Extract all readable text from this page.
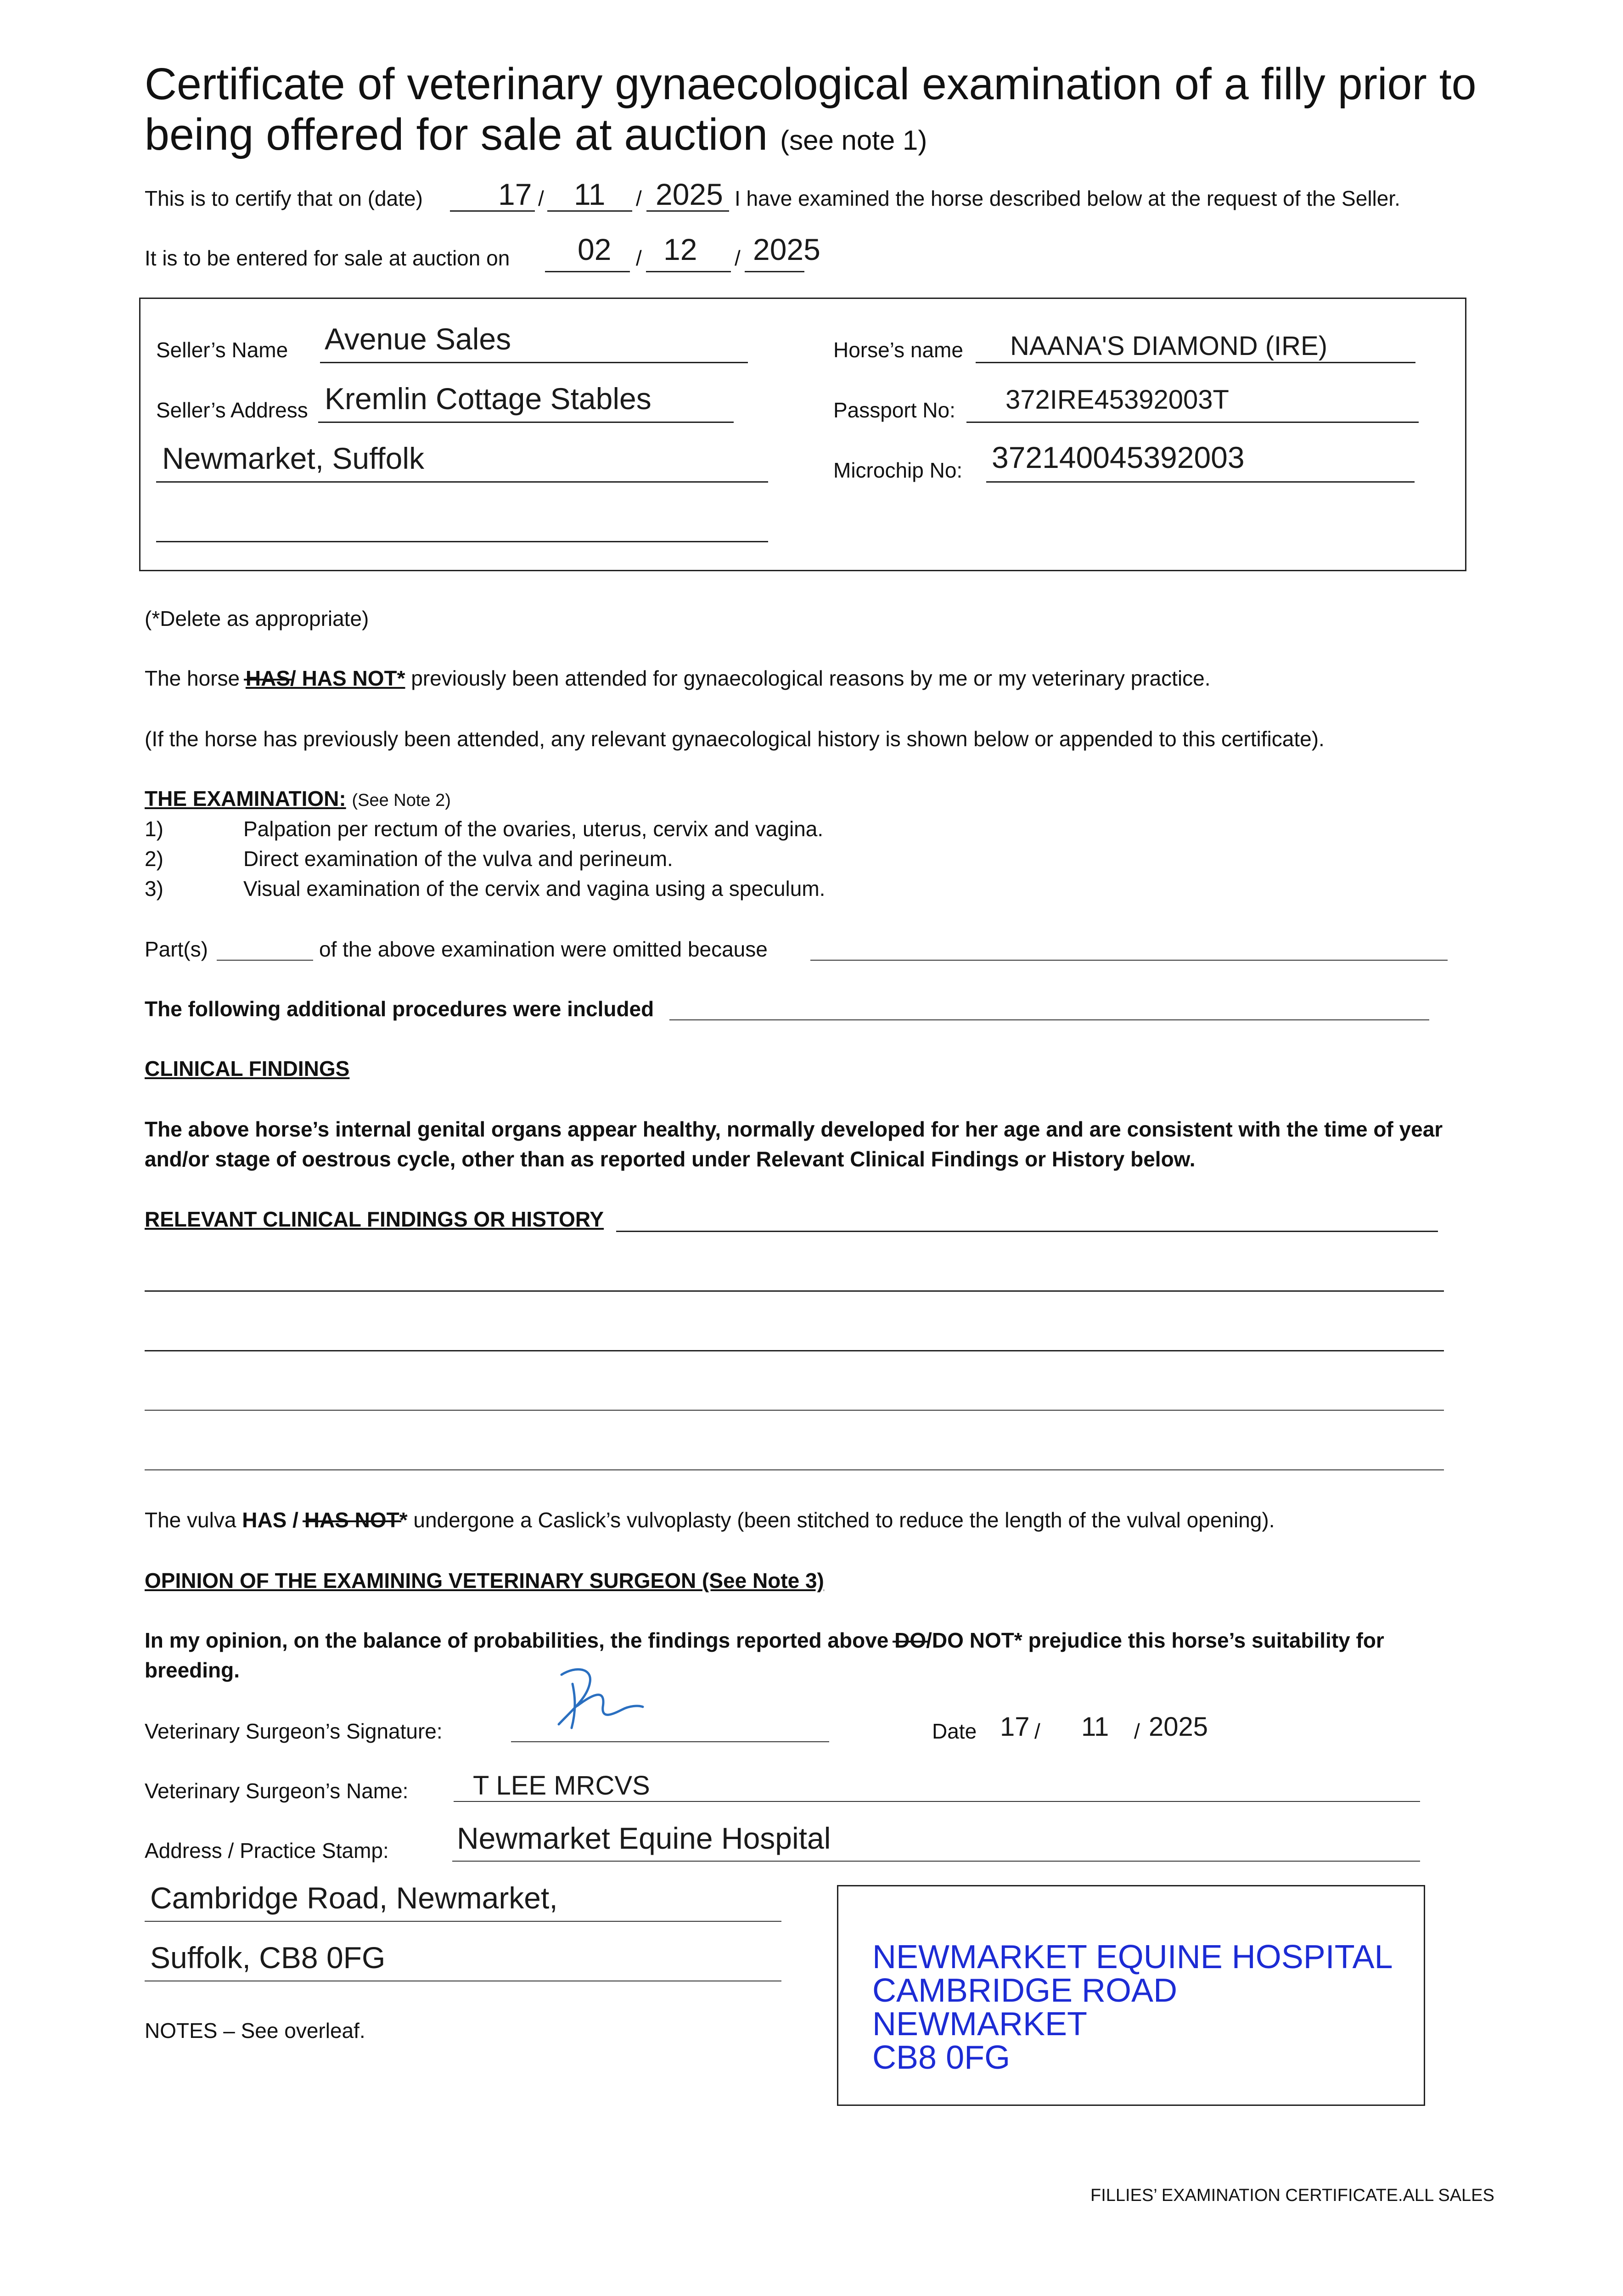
Certificate of veterinary gynaecological examination of a filly prior to
being offered for sale at auction (see note 1)
This is to certify that on (date) 17 / 11 / 2025 I have examined the horse described below at the request of the Seller.
It is to be entered for sale at auction on 02 / 12 / 2025
Seller’s Name Avenue Sales
Seller’s Address Kremlin Cottage Stables
Newmarket, Suffolk
Horse’s name NAANA'S DIAMOND (IRE)
Passport No: 372IRE45392003T
Microchip No: 372140045392003
(*Delete as appropriate)
The horse HAS/ HAS NOT* previously been attended for gynaecological reasons by me or my veterinary practice.
(If the horse has previously been attended, any relevant gynaecological history is shown below or appended to this certificate).
THE EXAMINATION: (See Note 2)
1)	Palpation per rectum of the ovaries, uterus, cervix and vagina.
2)	Direct examination of the vulva and perineum.
3)	Visual examination of the cervix and vagina using a speculum.
Part(s)	of the above examination were omitted because
The following additional procedures were included
CLINICAL FINDINGS
The above horse’s internal genital organs appear healthy, normally developed for her age and are consistent with the time of year
and/or stage of oestrous cycle, other than as reported under Relevant Clinical Findings or History below.
RELEVANT CLINICAL FINDINGS OR HISTORY
The vulva HAS / HAS NOT* undergone a Caslick’s vulvoplasty (been stitched to reduce the length of the vulval opening).
OPINION OF THE EXAMINING VETERINARY SURGEON (See Note 3)
In my opinion, on the balance of probabilities, the findings reported above DO/DO NOT* prejudice this horse’s suitability for
breeding.
Veterinary Surgeon’s Signature:	Date 17 / 11 / 2025
Veterinary Surgeon’s Name: T LEE MRCVS
Address / Practice Stamp: Newmarket Equine Hospital
Cambridge Road, Newmarket,
Suffolk, CB8 0FG	NEWMARKET EQUINE HOSPITAL
CAMBRIDGE ROAD
NEWMARKET
CB8 0FG
NOTES – See overleaf.
FILLIES’ EXAMINATION CERTIFICATE.ALL SALES
